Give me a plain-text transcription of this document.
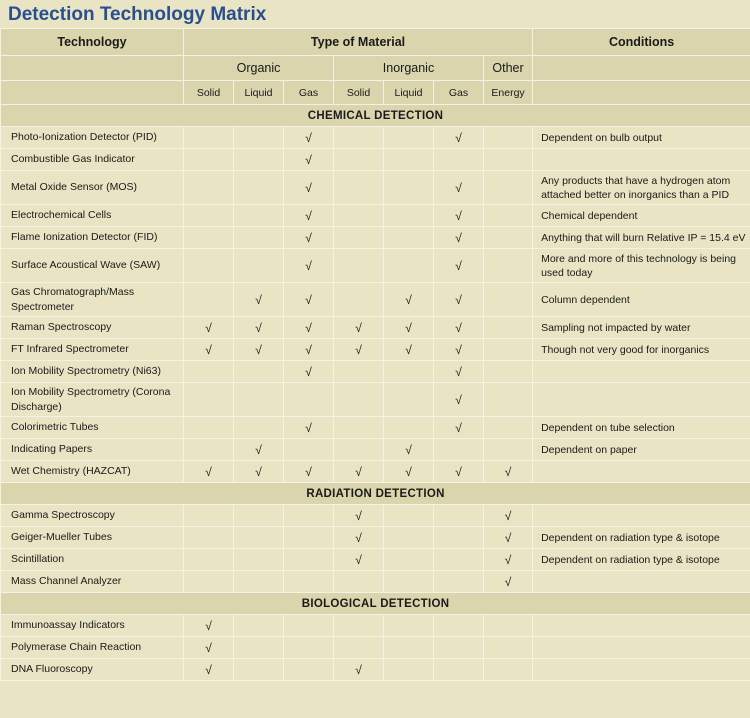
Detection Technology Matrix
Technology	Type of Material							Conditions
	Organic			Inorganic			Other	
	Solid	Liquid	Gas	Solid	Liquid	Gas	Energy	
CHEMICAL DETECTION								
Photo-Ionization Detector (PID)			√			√		Dependent on bulb output
Combustible Gas Indicator			√					
Metal Oxide Sensor (MOS)			√			√		Any products that have a hydrogen atom attached better on inorganics than a PID
Electrochemical Cells			√			√		Chemical dependent
Flame Ionization Detector (FID)			√			√		Anything that will burn Relative IP = 15.4 eV
Surface Acoustical Wave (SAW)			√			√		More and more of this technology is being used today
Gas Chromatograph/Mass Spectrometer		√	√		√	√		Column dependent
Raman Spectroscopy	√	√	√	√	√	√		Sampling not impacted by water
FT Infrared Spectrometer	√	√	√	√	√	√		Though not very good for inorganics
Ion Mobility Spectrometry (Ni63)			√			√		
Ion Mobility Spectrometry (Corona Discharge)						√		
Colorimetric Tubes			√			√		Dependent on tube selection
Indicating Papers		√			√			Dependent on paper
Wet Chemistry (HAZCAT)	√	√	√	√	√	√	√	
RADIATION DETECTION								
Gamma Spectroscopy				√			√	
Geiger-Mueller Tubes				√			√	Dependent on radiation type & isotope
Scintillation				√			√	Dependent on radiation type & isotope
Mass Channel Analyzer							√	
BIOLOGICAL DETECTION								
Immunoassay Indicators	√							
Polymerase Chain Reaction	√							
DNA Fluoroscopy	√			√				
